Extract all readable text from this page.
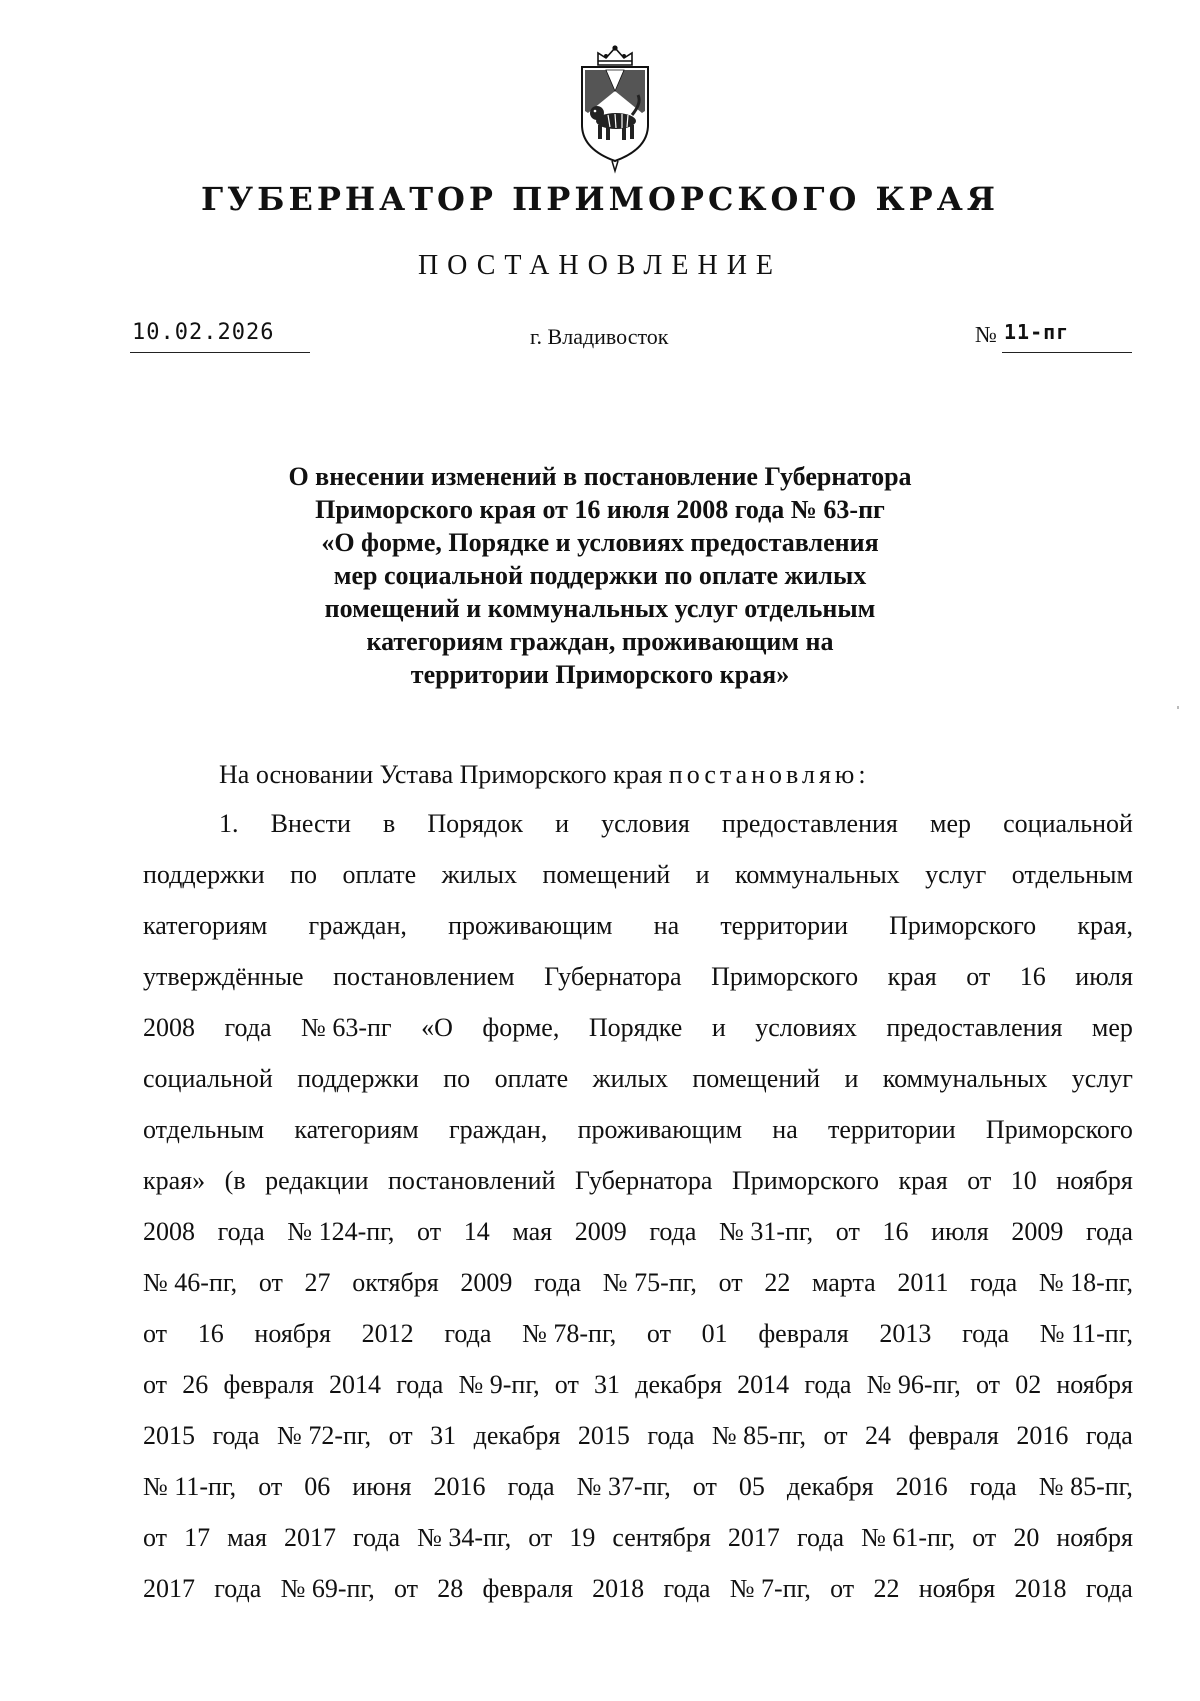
ГУБЕРНАТОР ПРИМОРСКОГО КРАЯ
ПОСТАНОВЛЕНИЕ
10.02.2026	г. Владивосток	№ 11-пг
О внесении изменений в постановление Губернатора
Приморского края от 16 июля 2008 года № 63-пг
«О форме, Порядке и условиях предоставления
мер социальной поддержки по оплате жилых
помещений и коммунальных услуг отдельным
категориям граждан, проживающим на
территории Приморского края»
На основании Устава Приморского края постановляю:
1. Внести в Порядок и условия предоставления мер социальной
поддержки по оплате жилых помещений и коммунальных услуг отдельным
категориям граждан, проживающим на территории Приморского края,
утверждённые постановлением Губернатора Приморского края от 16 июля
2008 года № 63-пг «О форме, Порядке и условиях предоставления мер
социальной поддержки по оплате жилых помещений и коммунальных услуг
отдельным категориям граждан, проживающим на территории Приморского
края» (в редакции постановлений Губернатора Приморского края от 10 ноября
2008 года № 124-пг, от 14 мая 2009 года № 31-пг, от 16 июля 2009 года
№ 46-пг, от 27 октября 2009 года № 75-пг, от 22 марта 2011 года № 18-пг,
от 16 ноября 2012 года № 78-пг, от 01 февраля 2013 года № 11-пг,
от 26 февраля 2014 года № 9-пг, от 31 декабря 2014 года № 96-пг, от 02 ноября
2015 года № 72-пг, от 31 декабря 2015 года № 85-пг, от 24 февраля 2016 года
№ 11-пг, от 06 июня 2016 года № 37-пг, от 05 декабря 2016 года № 85-пг,
от 17 мая 2017 года № 34-пг, от 19 сентября 2017 года № 61-пг, от 20 ноября
2017 года № 69-пг, от 28 февраля 2018 года № 7-пг, от 22 ноября 2018 года
